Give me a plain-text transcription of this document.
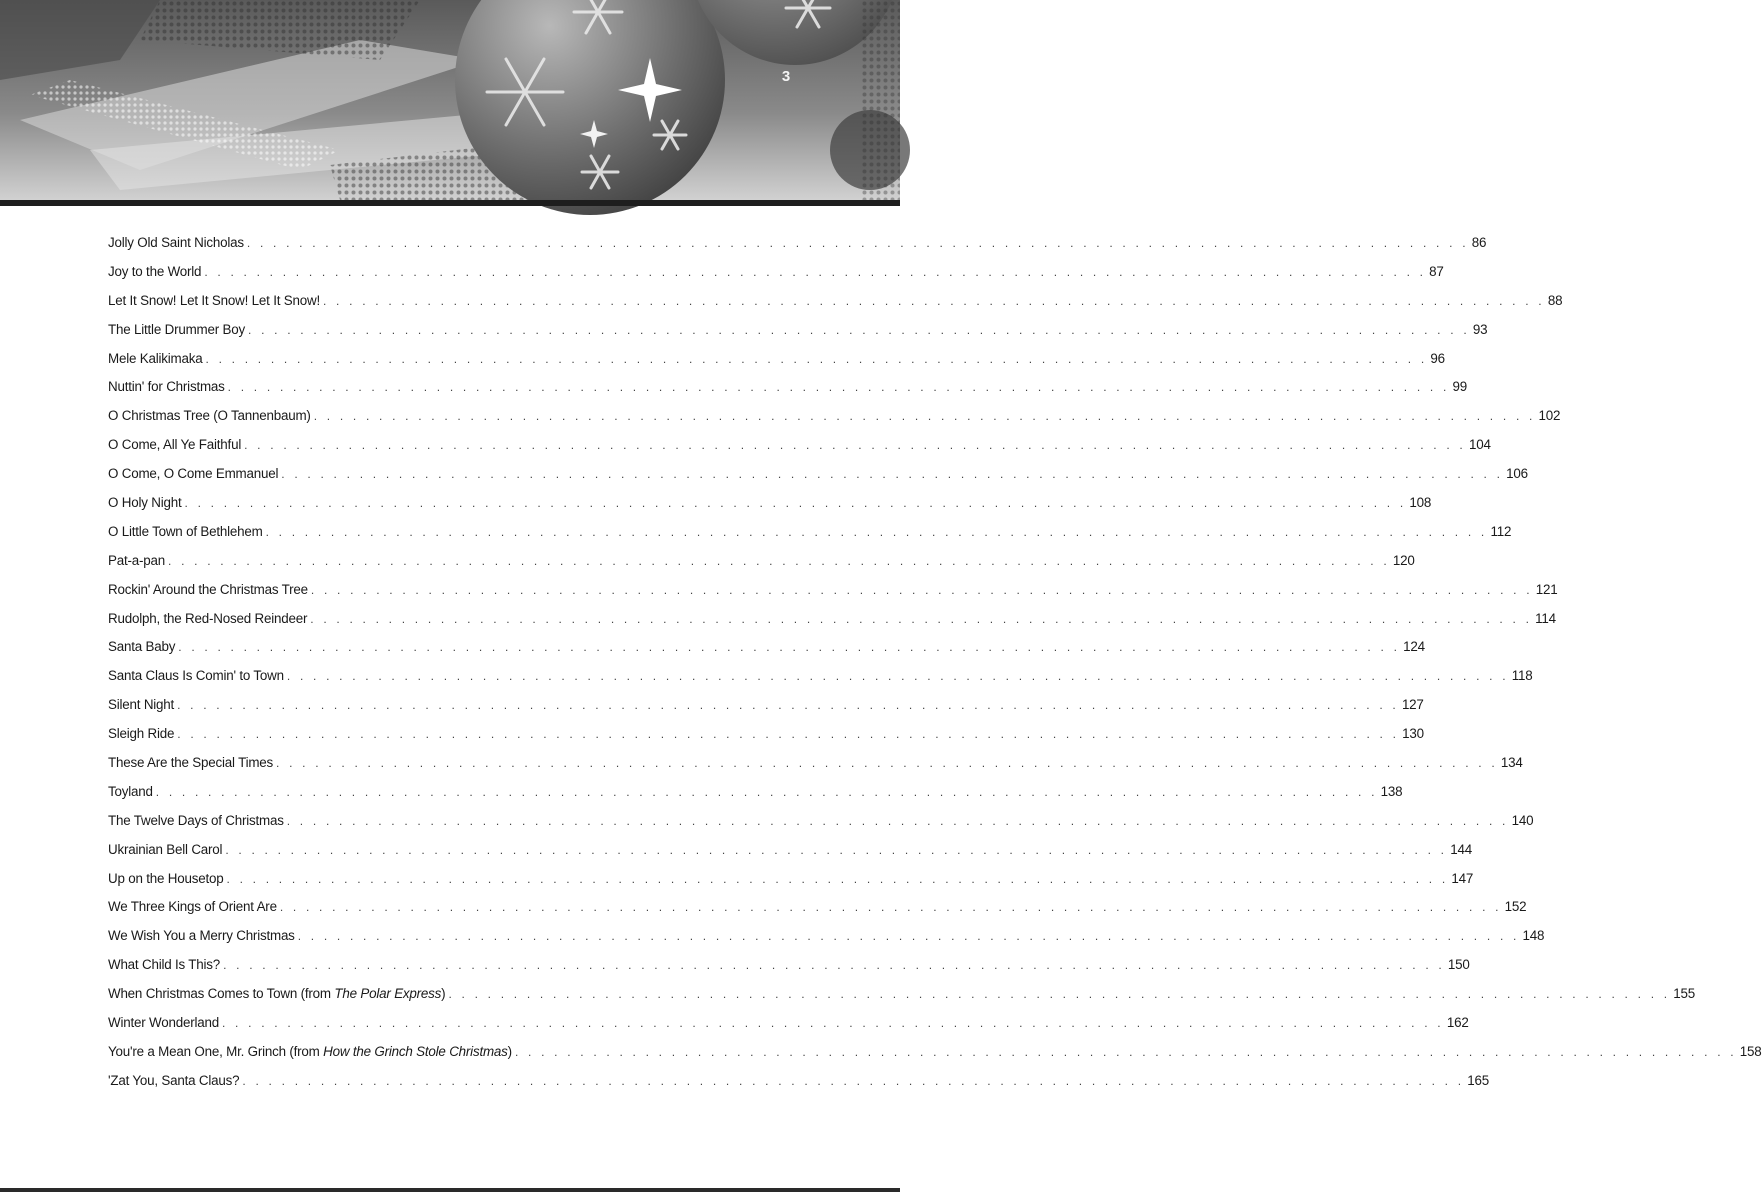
3
Jolly Old Saint Nicholas . . . . . . . . . . . . . . . . . . . . . . . . . . . . . . . . . . . . . . . . . . . . . . . . . . . . . . . . . . . . . . . . . . . . . . . . . . . . . . . . . . . . . . . . . . . . . . 86
Joy to the World . . . . . . . . . . . . . . . . . . . . . . . . . . . . . . . . . . . . . . . . . . . . . . . . . . . . . . . . . . . . . . . . . . . . . . . . . . . . . . . . . . . . . . . . . . . . . . 87
Let It Snow! Let It Snow! Let It Snow! . . . . . . . . . . . . . . . . . . . . . . . . . . . . . . . . . . . . . . . . . . . . . . . . . . . . . . . . . . . . . . . . . . . . . . . . . . . . . . . . . . . . . . . . . . . . . . 88
The Little Drummer Boy . . . . . . . . . . . . . . . . . . . . . . . . . . . . . . . . . . . . . . . . . . . . . . . . . . . . . . . . . . . . . . . . . . . . . . . . . . . . . . . . . . . . . . . . . . . . . . 93
Mele Kalikimaka . . . . . . . . . . . . . . . . . . . . . . . . . . . . . . . . . . . . . . . . . . . . . . . . . . . . . . . . . . . . . . . . . . . . . . . . . . . . . . . . . . . . . . . . . . . . . . 96
Nuttin' for Christmas . . . . . . . . . . . . . . . . . . . . . . . . . . . . . . . . . . . . . . . . . . . . . . . . . . . . . . . . . . . . . . . . . . . . . . . . . . . . . . . . . . . . . . . . . . . . . . 99
O Christmas Tree (O Tannenbaum) . . . . . . . . . . . . . . . . . . . . . . . . . . . . . . . . . . . . . . . . . . . . . . . . . . . . . . . . . . . . . . . . . . . . . . . . . . . . . . . . . . . . . . . . . . . . . . 102
O Come, All Ye Faithful . . . . . . . . . . . . . . . . . . . . . . . . . . . . . . . . . . . . . . . . . . . . . . . . . . . . . . . . . . . . . . . . . . . . . . . . . . . . . . . . . . . . . . . . . . . . . . 104
O Come, O Come Emmanuel . . . . . . . . . . . . . . . . . . . . . . . . . . . . . . . . . . . . . . . . . . . . . . . . . . . . . . . . . . . . . . . . . . . . . . . . . . . . . . . . . . . . . . . . . . . . . . 106
O Holy Night . . . . . . . . . . . . . . . . . . . . . . . . . . . . . . . . . . . . . . . . . . . . . . . . . . . . . . . . . . . . . . . . . . . . . . . . . . . . . . . . . . . . . . . . . . . . . . 108
O Little Town of Bethlehem . . . . . . . . . . . . . . . . . . . . . . . . . . . . . . . . . . . . . . . . . . . . . . . . . . . . . . . . . . . . . . . . . . . . . . . . . . . . . . . . . . . . . . . . . . . . . . 112
Pat-a-pan . . . . . . . . . . . . . . . . . . . . . . . . . . . . . . . . . . . . . . . . . . . . . . . . . . . . . . . . . . . . . . . . . . . . . . . . . . . . . . . . . . . . . . . . . . . . . . 120
Rockin' Around the Christmas Tree . . . . . . . . . . . . . . . . . . . . . . . . . . . . . . . . . . . . . . . . . . . . . . . . . . . . . . . . . . . . . . . . . . . . . . . . . . . . . . . . . . . . . . . . . . . . . . 121
Rudolph, the Red-Nosed Reindeer . . . . . . . . . . . . . . . . . . . . . . . . . . . . . . . . . . . . . . . . . . . . . . . . . . . . . . . . . . . . . . . . . . . . . . . . . . . . . . . . . . . . . . . . . . . . . . 114
Santa Baby . . . . . . . . . . . . . . . . . . . . . . . . . . . . . . . . . . . . . . . . . . . . . . . . . . . . . . . . . . . . . . . . . . . . . . . . . . . . . . . . . . . . . . . . . . . . . . 124
Santa Claus Is Comin' to Town . . . . . . . . . . . . . . . . . . . . . . . . . . . . . . . . . . . . . . . . . . . . . . . . . . . . . . . . . . . . . . . . . . . . . . . . . . . . . . . . . . . . . . . . . . . . . . 118
Silent Night . . . . . . . . . . . . . . . . . . . . . . . . . . . . . . . . . . . . . . . . . . . . . . . . . . . . . . . . . . . . . . . . . . . . . . . . . . . . . . . . . . . . . . . . . . . . . . 127
Sleigh Ride . . . . . . . . . . . . . . . . . . . . . . . . . . . . . . . . . . . . . . . . . . . . . . . . . . . . . . . . . . . . . . . . . . . . . . . . . . . . . . . . . . . . . . . . . . . . . . 130
These Are the Special Times . . . . . . . . . . . . . . . . . . . . . . . . . . . . . . . . . . . . . . . . . . . . . . . . . . . . . . . . . . . . . . . . . . . . . . . . . . . . . . . . . . . . . . . . . . . . . . 134
Toyland . . . . . . . . . . . . . . . . . . . . . . . . . . . . . . . . . . . . . . . . . . . . . . . . . . . . . . . . . . . . . . . . . . . . . . . . . . . . . . . . . . . . . . . . . . . . . . 138
The Twelve Days of Christmas . . . . . . . . . . . . . . . . . . . . . . . . . . . . . . . . . . . . . . . . . . . . . . . . . . . . . . . . . . . . . . . . . . . . . . . . . . . . . . . . . . . . . . . . . . . . . . 140
Ukrainian Bell Carol . . . . . . . . . . . . . . . . . . . . . . . . . . . . . . . . . . . . . . . . . . . . . . . . . . . . . . . . . . . . . . . . . . . . . . . . . . . . . . . . . . . . . . . . . . . . . . 144
Up on the Housetop . . . . . . . . . . . . . . . . . . . . . . . . . . . . . . . . . . . . . . . . . . . . . . . . . . . . . . . . . . . . . . . . . . . . . . . . . . . . . . . . . . . . . . . . . . . . . . 147
We Three Kings of Orient Are . . . . . . . . . . . . . . . . . . . . . . . . . . . . . . . . . . . . . . . . . . . . . . . . . . . . . . . . . . . . . . . . . . . . . . . . . . . . . . . . . . . . . . . . . . . . . . 152
We Wish You a Merry Christmas . . . . . . . . . . . . . . . . . . . . . . . . . . . . . . . . . . . . . . . . . . . . . . . . . . . . . . . . . . . . . . . . . . . . . . . . . . . . . . . . . . . . . . . . . . . . . . 148
What Child Is This? . . . . . . . . . . . . . . . . . . . . . . . . . . . . . . . . . . . . . . . . . . . . . . . . . . . . . . . . . . . . . . . . . . . . . . . . . . . . . . . . . . . . . . . . . . . . . . 150
When Christmas Comes to Town (from The Polar Express) . . . . . . . . . . . . . . . . . . . . . . . . . . . . . . . . . . . . . . . . . . . . . . . . . . . . . . . . . . . . . . . . . . . . . . . . . . . . . . . . . . . . . . . . . . . . . . 155
Winter Wonderland . . . . . . . . . . . . . . . . . . . . . . . . . . . . . . . . . . . . . . . . . . . . . . . . . . . . . . . . . . . . . . . . . . . . . . . . . . . . . . . . . . . . . . . . . . . . . . 162
You're a Mean One, Mr. Grinch (from How the Grinch Stole Christmas) . . . . . . . . . . . . . . . . . . . . . . . . . . . . . . . . . . . . . . . . . . . . . . . . . . . . . . . . . . . . . . . . . . . . . . . . . . . . . . . . . . . . . . . . . . . . . . 158
'Zat You, Santa Claus? . . . . . . . . . . . . . . . . . . . . . . . . . . . . . . . . . . . . . . . . . . . . . . . . . . . . . . . . . . . . . . . . . . . . . . . . . . . . . . . . . . . . . . . . . . . . . . 165
